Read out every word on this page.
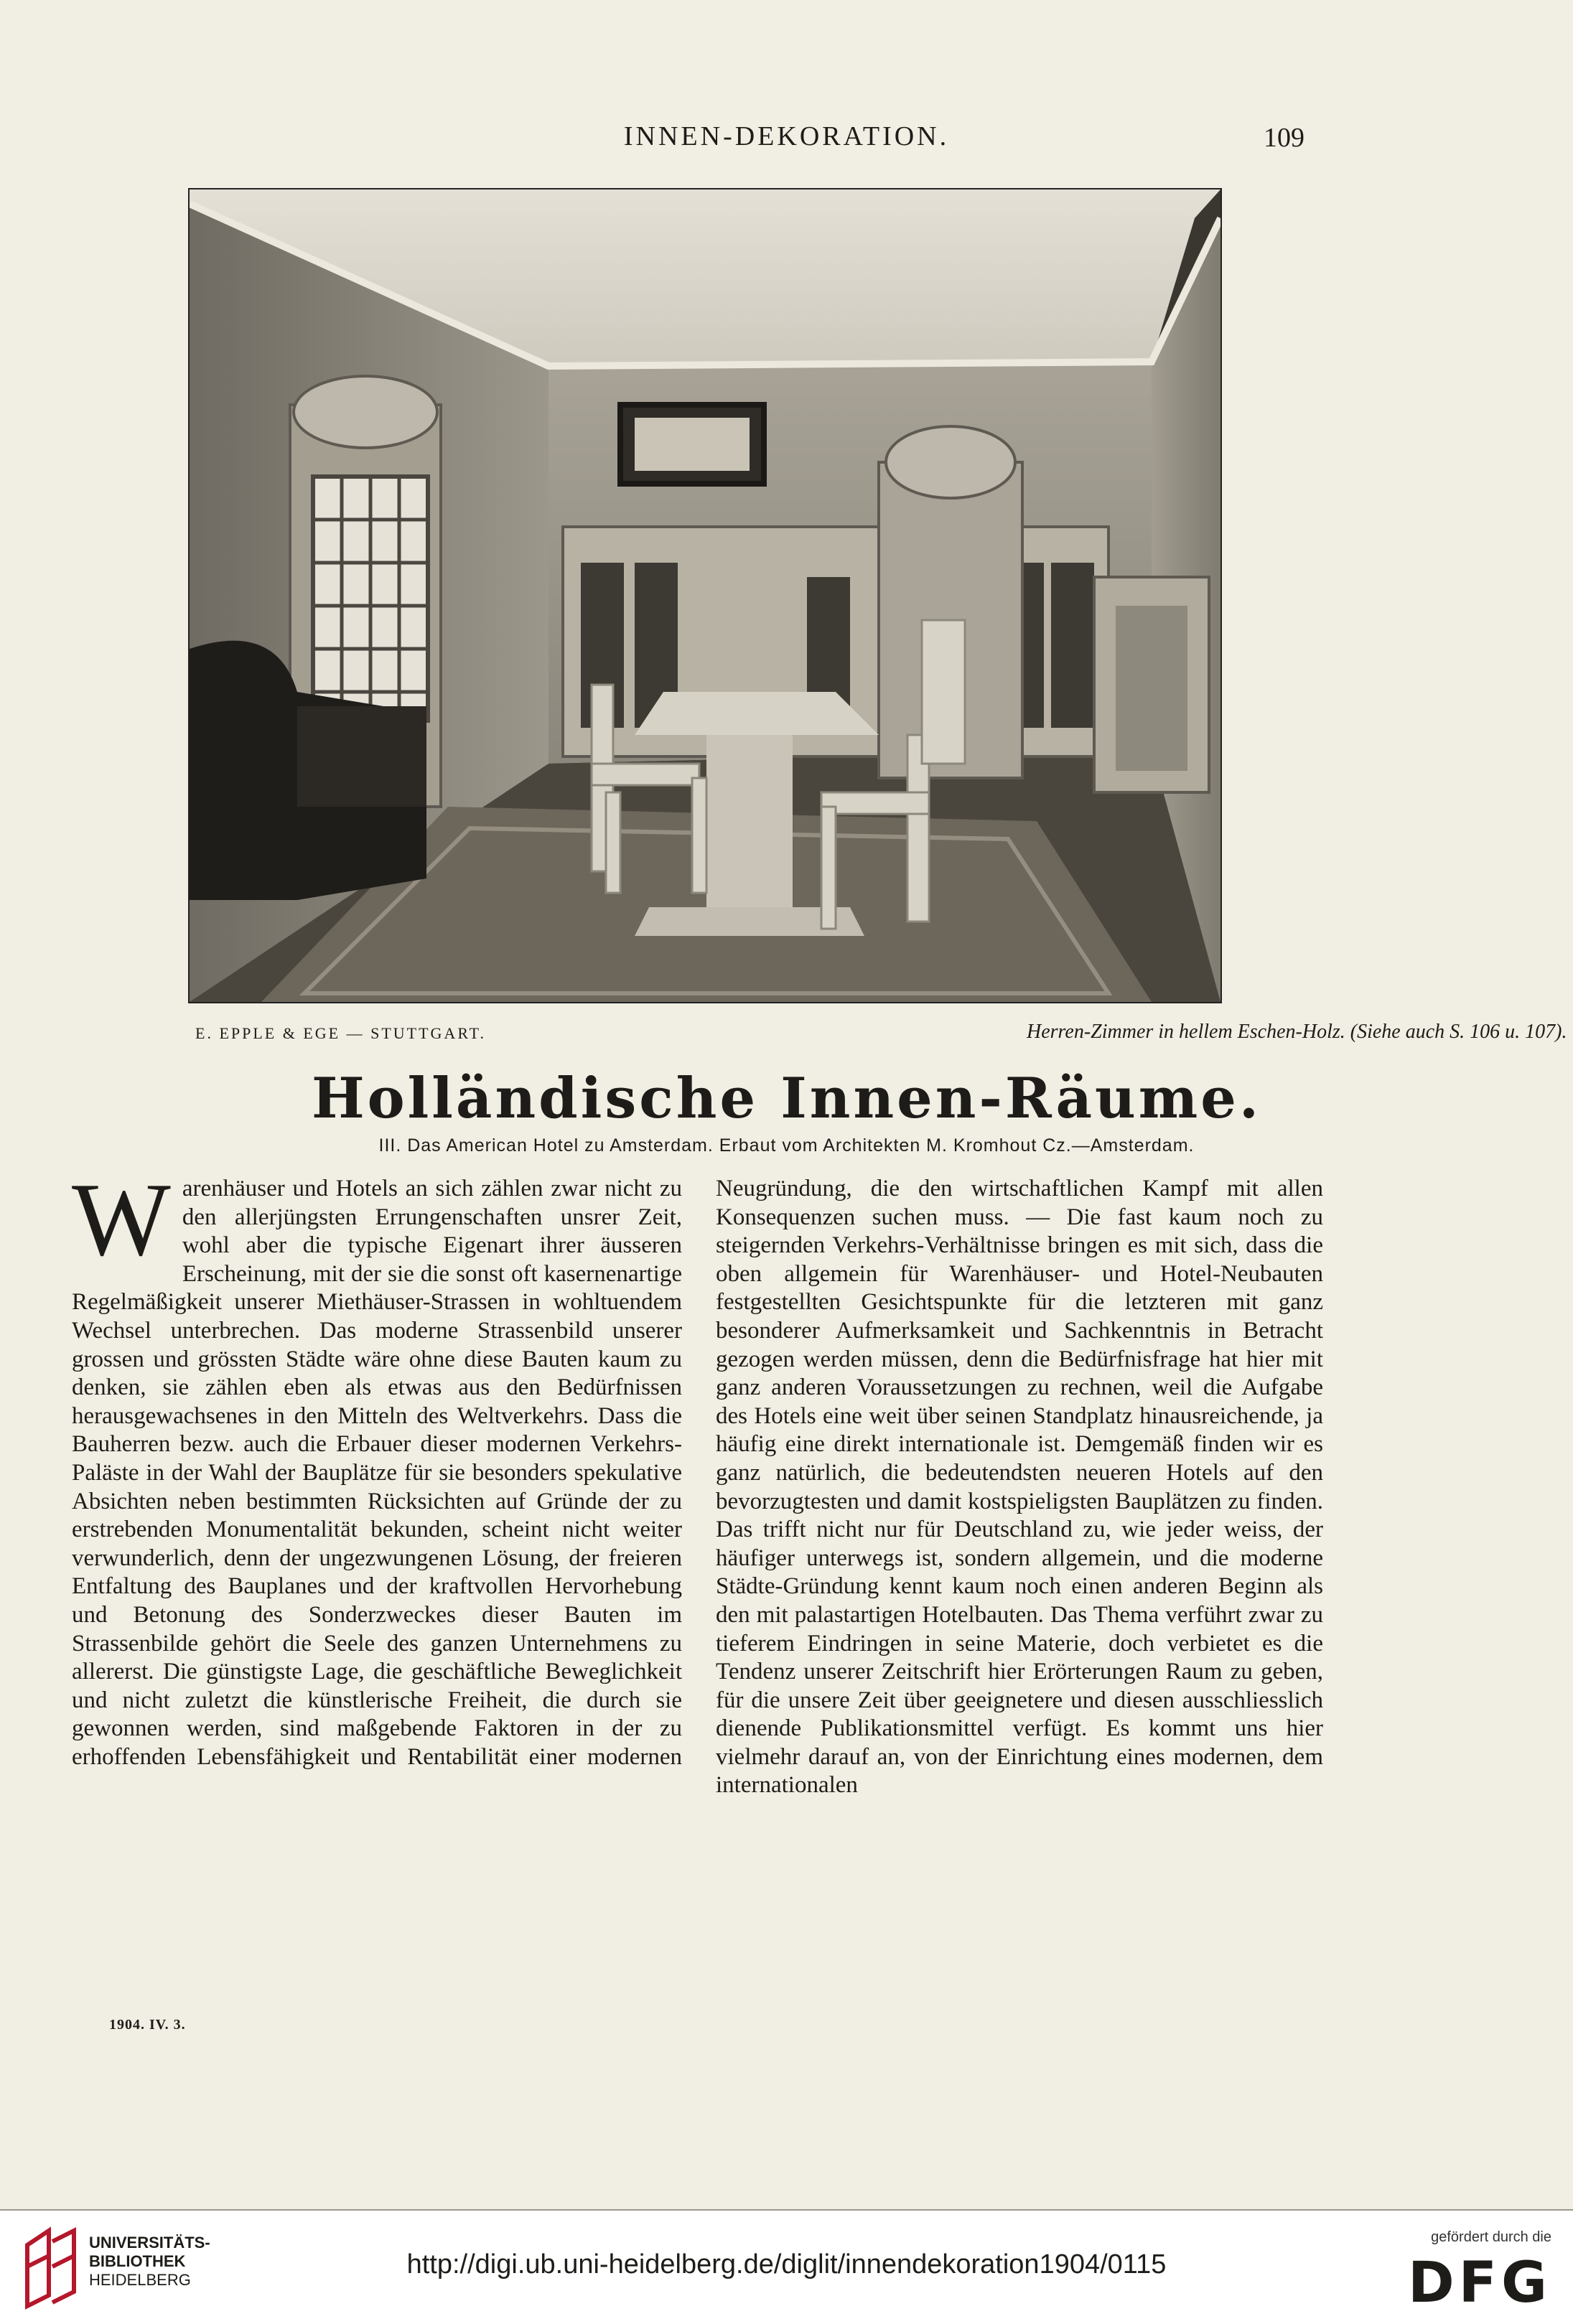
INNEN-DEKORATION.	109
E. EPPLE & EGE — STUTTGART.	Herren-Zimmer in hellem Eschen-Holz. (Siehe auch S. 106 u. 107).
Holländische Innen-Räume.
III. Das American Hotel zu Amsterdam. Erbaut vom Architekten M. Kromhout Cz.—Amsterdam.

Warenhäuser und Hotels an sich zählen zwar nicht zu den allerjüngsten Errungenschaften unsrer Zeit, wohl aber die typische Eigenart ihrer äusseren Erscheinung, mit der sie die sonst oft kasernenartige Regelmäßigkeit unserer Miethäuser-Strassen in wohltuendem Wechsel unterbrechen. Das moderne Strassenbild unserer grossen und grössten Städte wäre ohne diese Bauten kaum zu denken, sie zählen eben als etwas aus den Bedürfnissen herausgewachsenes in den Mitteln des Weltverkehrs. Dass die Bauherren bezw. auch die Erbauer dieser modernen Verkehrs-Paläste in der Wahl der Bauplätze für sie besonders spekulative Absichten neben bestimmten Rücksichten auf Gründe der zu erstrebenden Monumentalität bekunden, scheint nicht weiter verwunderlich, denn der ungezwungenen Lösung, der freieren Entfaltung des Bauplanes und der kraftvollen Hervorhebung und Betonung des Sonderzweckes dieser Bauten im Strassenbilde gehört die Seele des ganzen Unternehmens zu allererst. Die günstigste Lage, die geschäftliche Beweglichkeit und nicht zuletzt die künstlerische Freiheit, die durch sie gewonnen werden, sind maßgebende Faktoren in der zu erhoffenden Lebensfähigkeit und Rentabilität einer modernen

Neugründung, die den wirtschaftlichen Kampf mit allen Konsequenzen suchen muss. — Die fast kaum noch zu steigernden Verkehrs-Verhältnisse bringen es mit sich, dass die oben allgemein für Warenhäuser- und Hotel-Neubauten festgestellten Gesichtspunkte für die letzteren mit ganz besonderer Aufmerksamkeit und Sachkenntnis in Betracht gezogen werden müssen, denn die Bedürfnisfrage hat hier mit ganz anderen Voraussetzungen zu rechnen, weil die Aufgabe des Hotels eine weit über seinen Standplatz hinausreichende, ja häufig eine direkt internationale ist. Demgemäß finden wir es ganz natürlich, die bedeutendsten neueren Hotels auf den bevorzugtesten und damit kostspieligsten Bauplätzen zu finden. Das trifft nicht nur für Deutschland zu, wie jeder weiss, der häufiger unterwegs ist, sondern allgemein, und die moderne Städte-Gründung kennt kaum noch einen anderen Beginn als den mit palastartigen Hotelbauten. Das Thema verführt zwar zu tieferem Eindringen in seine Materie, doch verbietet es die Tendenz unserer Zeitschrift hier Erörterungen Raum zu geben, für die unsere Zeit über geeignetere und diesen ausschliesslich dienende Publikationsmittel verfügt. Es kommt uns hier vielmehr darauf an, von der Einrichtung eines modernen, dem internationalen

1904. IV. 3.
UNIVERSITÄTS-
BIBLIOTHEK
HEIDELBERG
http://digi.ub.uni-heidelberg.de/diglit/innendekoration1904/0115
gefördert durch die
DFG
